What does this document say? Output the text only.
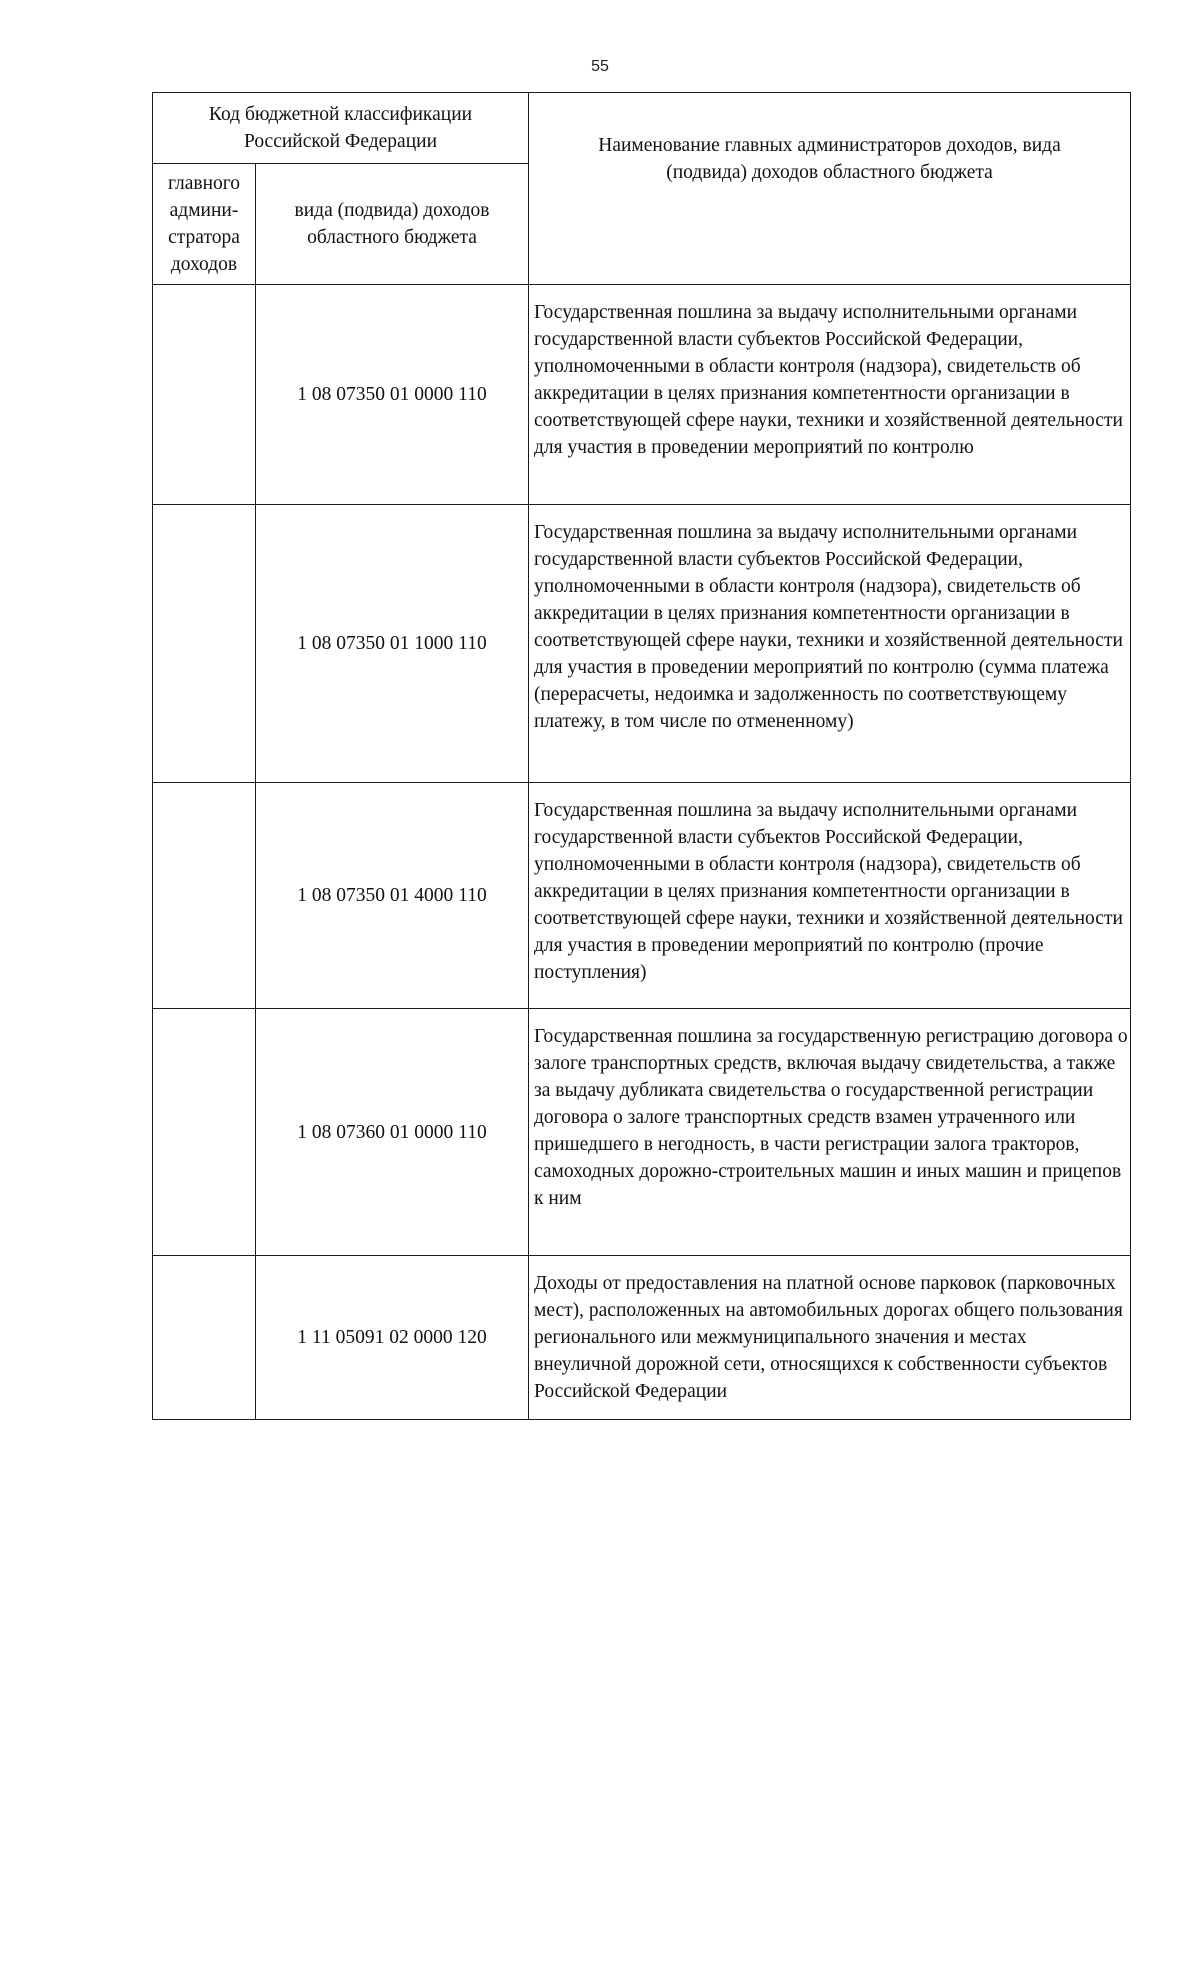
55
Код бюджетной классификации Российской Федерации		Наименование главных администраторов доходов, вида (подвида) доходов областного бюджета
главного админи-стратора доходов	вида (подвида) доходов областного бюджета	
	1 08 07350 01 0000 110	Государственная пошлина за выдачу исполнительными органами государственной власти субъектов Российской Федерации, уполномоченными в области контроля (надзора), свидетельств об аккредитации в целях признания компетентности организации в соответствующей сфере науки, техники и хозяйственной деятельности для участия в проведении мероприятий по контролю
	1 08 07350 01 1000 110	Государственная пошлина за выдачу исполнительными органами государственной власти субъектов Российской Федерации, уполномоченными в области контроля (надзора), свидетельств об аккредитации в целях признания компетентности организации в соответствующей сфере науки, техники и хозяйственной деятельности для участия в проведении мероприятий по контролю (сумма платежа (перерасчеты, недоимка и задолженность по соответствующему платежу, в том числе по отмененному)
	1 08 07350 01 4000 110	Государственная пошлина за выдачу исполнительными органами государственной власти субъектов Российской Федерации, уполномоченными в области контроля (надзора), свидетельств об аккредитации в целях признания компетентности организации в соответствующей сфере науки, техники и хозяйственной деятельности для участия в проведении мероприятий по контролю (прочие поступления)
	1 08 07360 01 0000 110	Государственная пошлина за государственную регистрацию договора о залоге транспортных средств, включая выдачу свидетельства, а также за выдачу дубликата свидетельства о государственной регистрации договора о залоге транспортных средств взамен утраченного или пришедшего в негодность, в части регистрации залога тракторов, самоходных дорожно-строительных машин и иных машин и прицепов к ним
	1 11 05091 02 0000 120	Доходы от предоставления на платной основе парковок (парковочных мест), расположенных на автомобильных дорогах общего пользования регионального или межмуниципального значения и местах внеуличной дорожной сети, относящихся к собственности субъектов Российской Федерации
